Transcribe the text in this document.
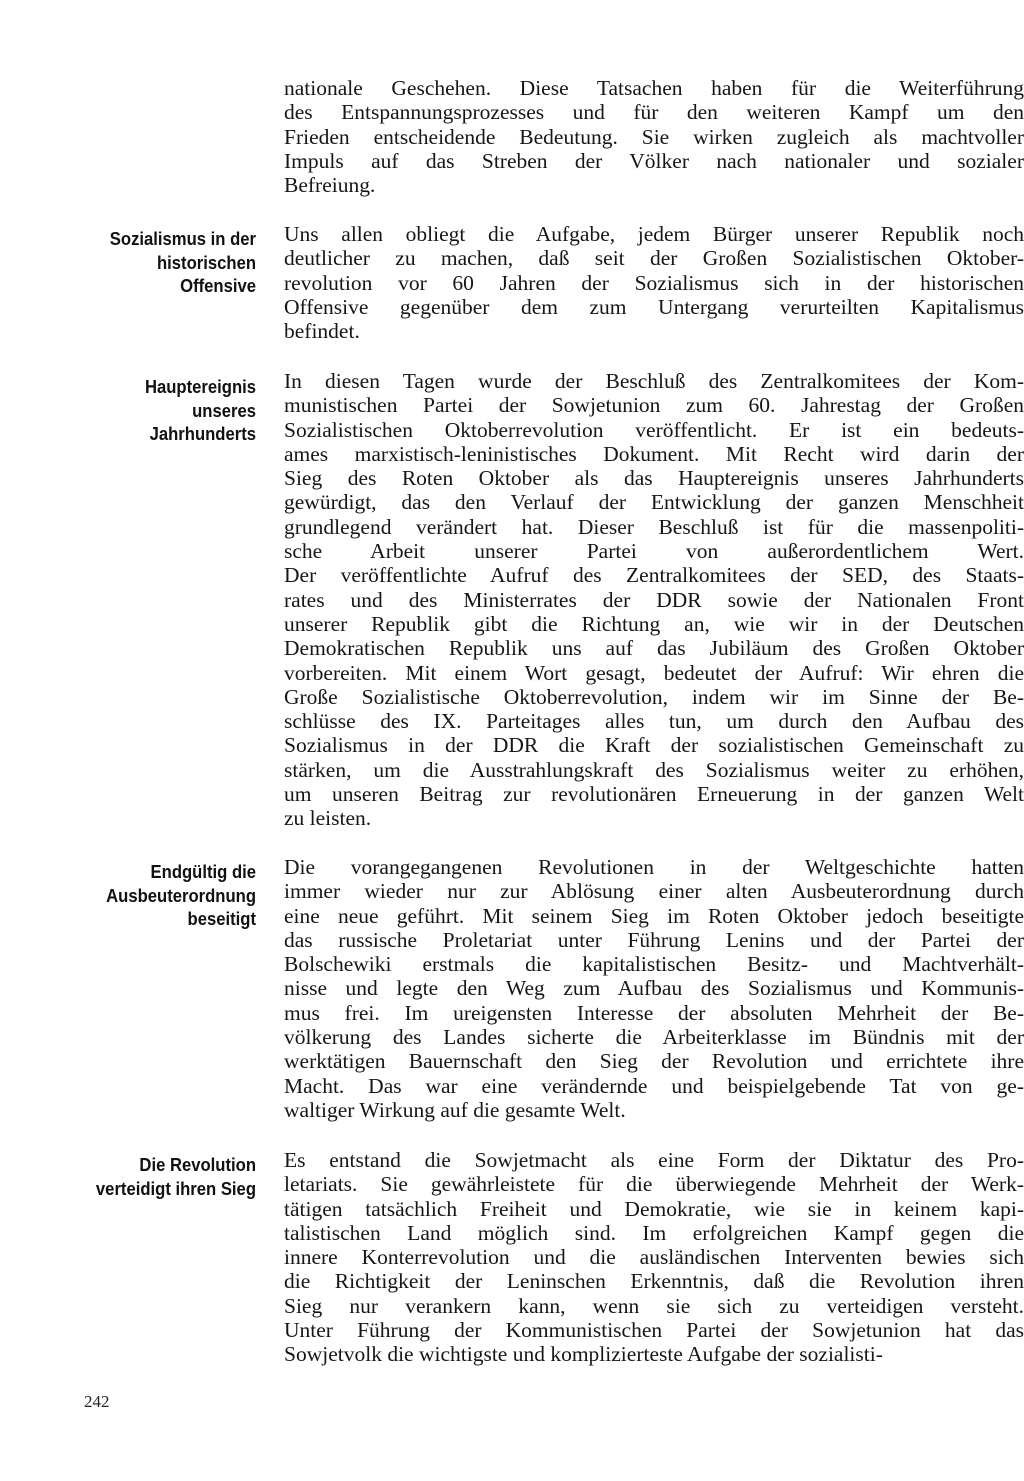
Sozialismus in der historischen Offensive
Hauptereignis unseres Jahrhunderts
Endgültig die Ausbeuterordnung beseitigt
Die Revolution verteidigt ihren Sieg
nationale Geschehen. Diese Tatsachen haben für die Weiterführung
des Entspannungsprozesses und für den weiteren Kampf um den
Frieden entscheidende Bedeutung. Sie wirken zugleich als machtvoller
Impuls auf das Streben der Völker nach nationaler und sozialer
Befreiung.
Uns allen obliegt die Aufgabe, jedem Bürger unserer Republik noch
deutlicher zu machen, daß seit der Großen Sozialistischen Oktober-
revolution vor 60 Jahren der Sozialismus sich in der historischen
Offensive gegenüber dem zum Untergang verurteilten Kapitalismus
befindet.
In diesen Tagen wurde der Beschluß des Zentralkomitees der Kom-
munistischen Partei der Sowjetunion zum 60. Jahrestag der Großen
Sozialistischen Oktoberrevolution veröffentlicht. Er ist ein bedeuts-
ames marxistisch-leninistisches Dokument. Mit Recht wird darin der
Sieg des Roten Oktober als das Hauptereignis unseres Jahrhunderts
gewürdigt, das den Verlauf der Entwicklung der ganzen Menschheit
grundlegend verändert hat. Dieser Beschluß ist für die massenpoliti-
sche Arbeit unserer Partei von außerordentlichem Wert.
Der veröffentlichte Aufruf des Zentralkomitees der SED, des Staats-
rates und des Ministerrates der DDR sowie der Nationalen Front
unserer Republik gibt die Richtung an, wie wir in der Deutschen
Demokratischen Republik uns auf das Jubiläum des Großen Oktober
vorbereiten. Mit einem Wort gesagt, bedeutet der Aufruf: Wir ehren die
Große Sozialistische Oktoberrevolution, indem wir im Sinne der Be-
schlüsse des IX. Parteitages alles tun, um durch den Aufbau des
Sozialismus in der DDR die Kraft der sozialistischen Gemeinschaft zu
stärken, um die Ausstrahlungskraft des Sozialismus weiter zu erhöhen,
um unseren Beitrag zur revolutionären Erneuerung in der ganzen Welt
zu leisten.
Die vorangegangenen Revolutionen in der Weltgeschichte hatten
immer wieder nur zur Ablösung einer alten Ausbeuterordnung durch
eine neue geführt. Mit seinem Sieg im Roten Oktober jedoch beseitigte
das russische Proletariat unter Führung Lenins und der Partei der
Bolschewiki erstmals die kapitalistischen Besitz- und Machtverhält-
nisse und legte den Weg zum Aufbau des Sozialismus und Kommunis-
mus frei. Im ureigensten Interesse der absoluten Mehrheit der Be-
völkerung des Landes sicherte die Arbeiterklasse im Bündnis mit der
werktätigen Bauernschaft den Sieg der Revolution und errichtete ihre
Macht. Das war eine verändernde und beispielgebende Tat von ge-
waltiger Wirkung auf die gesamte Welt.
Es entstand die Sowjetmacht als eine Form der Diktatur des Pro-
letariats. Sie gewährleistete für die überwiegende Mehrheit der Werk-
tätigen tatsächlich Freiheit und Demokratie, wie sie in keinem kapi-
talistischen Land möglich sind. Im erfolgreichen Kampf gegen die
innere Konterrevolution und die ausländischen Interventen bewies sich
die Richtigkeit der Leninschen Erkenntnis, daß die Revolution ihren
Sieg nur verankern kann, wenn sie sich zu verteidigen versteht.
Unter Führung der Kommunistischen Partei der Sowjetunion hat das
Sowjetvolk die wichtigste und komplizierteste Aufgabe der sozialisti-
242
